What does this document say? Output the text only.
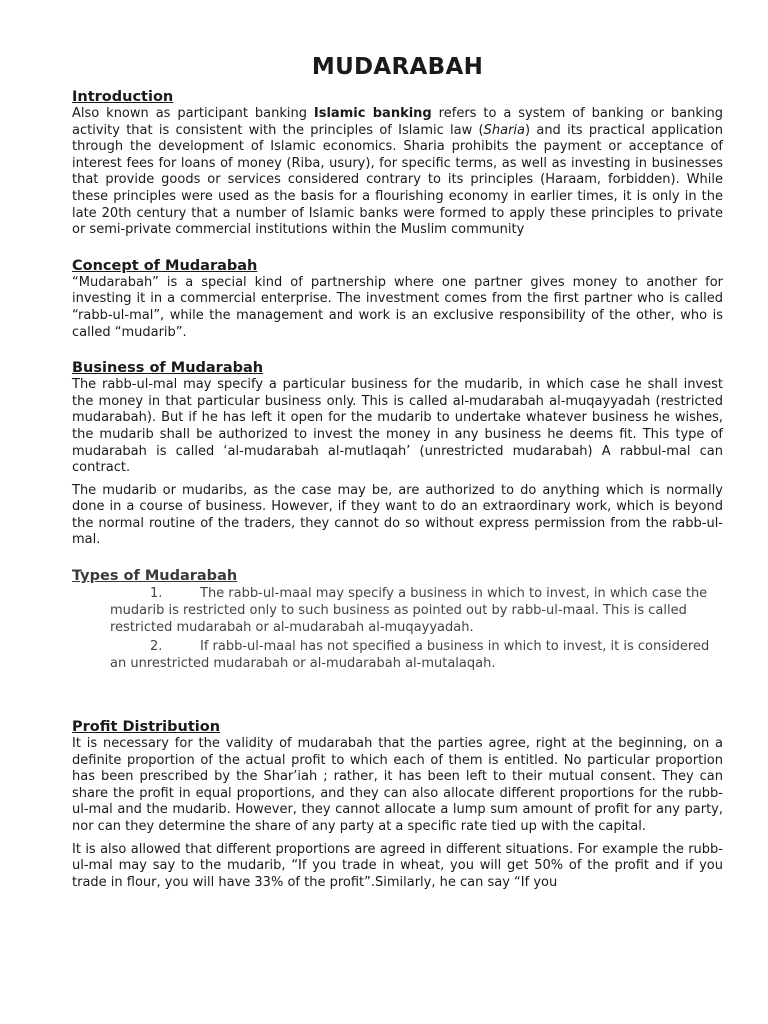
MUDARABAH
Introduction

Also known as participant banking Islamic banking refers to a system of banking or banking activity that is consistent with the principles of Islamic law (Sharia) and its practical application through the development of Islamic economics. Sharia prohibits the payment or acceptance of interest fees for loans of money (Riba, usury), for specific terms, as well as investing in businesses that provide goods or services considered contrary to its principles (Haraam, forbidden). While these principles were used as the basis for a flourishing economy in earlier times, it is only in the late 20th century that a number of Islamic banks were formed to apply these principles to private or semi-private commercial institutions within the Muslim community

Concept of Mudarabah

“Mudarabah” is a special kind of partnership where one partner gives money to another for investing it in a commercial enterprise. The investment comes from the first partner who is called “rabb-ul-mal”, while the management and work is an exclusive responsibility of the other, who is called “mudarib”.

Business of Mudarabah

The rabb-ul-mal may specify a particular business for the mudarib, in which case he shall invest the money in that particular business only. This is called al-mudarabah al-muqayyadah (restricted mudarabah). But if he has left it open for the mudarib to undertake whatever business he wishes, the mudarib shall be authorized to invest the money in any business he deems fit. This type of mudarabah is called ‘al-mudarabah al-mutlaqah’ (unrestricted mudarabah) A rabbul-mal can contract.

The mudarib or mudaribs, as the case may be, are authorized to do anything which is normally done in a course of business. However, if they want to do an extraordinary work, which is beyond the normal routine of the traders, they cannot do so without express permission from the rabb-ul-mal.

Types of Mudarabah

1.	The rabb-ul-maal may specify a business in which to invest, in which case the mudarib is restricted only to such business as pointed out by rabb-ul-maal. This is called restricted mudarabah or al-mudarabah al-muqayyadah.

2.	If rabb-ul-maal has not specified a business in which to invest, it is considered an unrestricted mudarabah or al-mudarabah al-mutalaqah.

Profit Distribution

It is necessary for the validity of mudarabah that the parties agree, right at the beginning, on a definite proportion of the actual profit to which each of them is entitled. No particular proportion has been prescribed by the Shar’iah ; rather, it has been left to their mutual consent. They can share the profit in equal proportions, and they can also allocate different proportions for the rubb-ul-mal and the mudarib. However, they cannot allocate a lump sum amount of profit for any party, nor can they determine the share of any party at a specific rate tied up with the capital.

It is also allowed that different proportions are agreed in different situations. For example the rubb-ul-mal may say to the mudarib, “If you trade in wheat, you will get 50% of the profit and if you trade in flour, you will have 33% of the profit”.Similarly, he can say “If you
